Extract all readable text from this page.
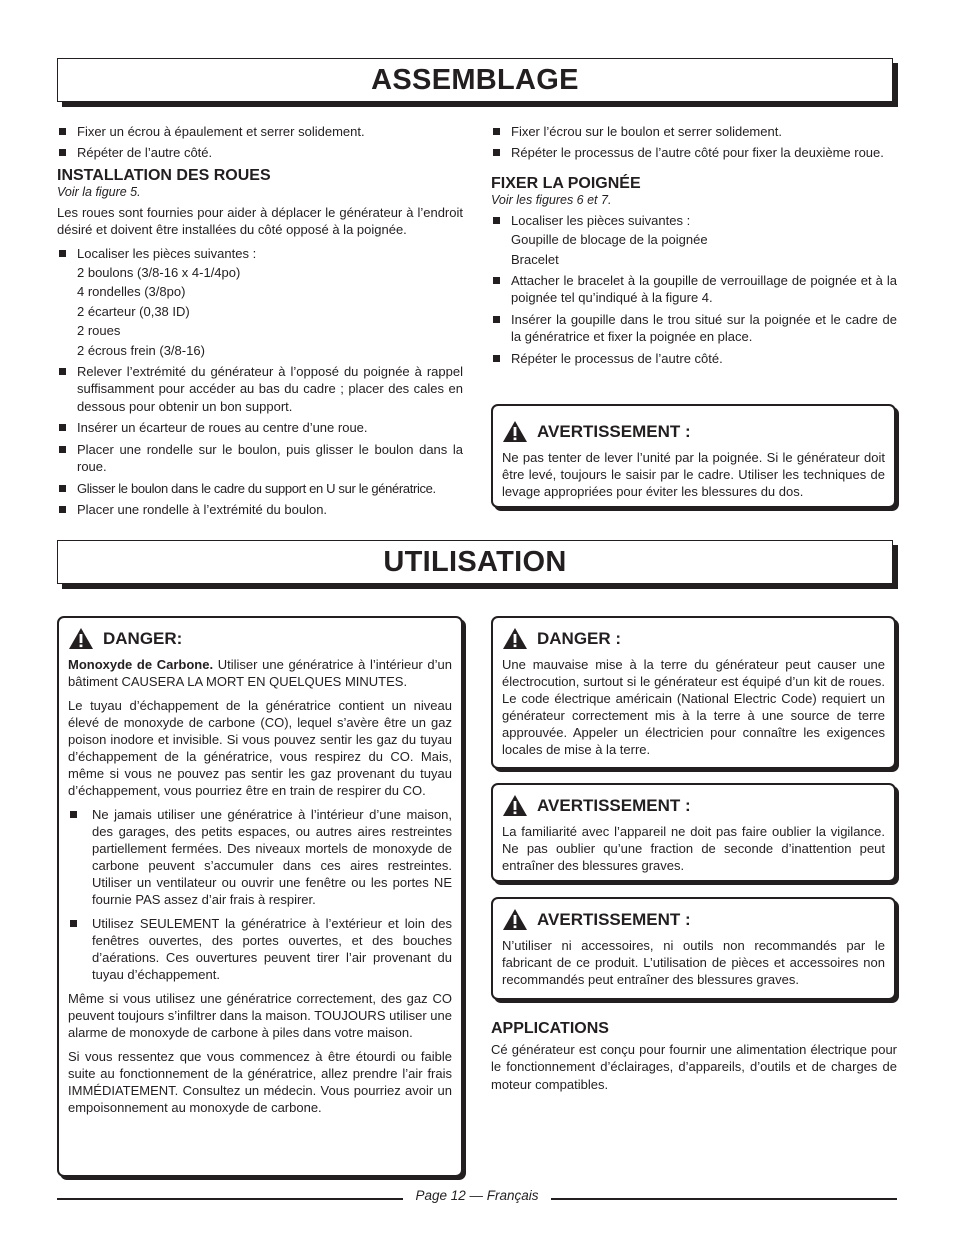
ASSEMBLAGE
Fixer un écrou à épaulement et serrer solidement.
Répéter de l’autre côté.
INSTALLATION DES ROUES
Voir la figure 5.

Les roues sont fournies pour aider à déplacer le générateur à l’endroit désiré et doivent être installées du côté opposé à la poignée.

Localiser les pièces suivantes :
2 boulons (3/8-16 x 4-1/4po)
4 rondelles (3/8po)
2 écarteur (0,38 ID)
2 roues
2 écrous frein (3/8-16)
Relever l’extrémité du générateur à l’opposé du poignée à rappel suffisamment pour accéder au bas du cadre ; placer des cales en dessous pour obtenir un bon support.
Insérer un écarteur de roues au centre d’une roue.
Placer une rondelle sur le boulon, puis glisser le boulon dans la roue.
Glisser le boulon dans le cadre du support en U sur le génératrice.
Placer une rondelle à l’extrémité du boulon.
Fixer l’écrou sur le boulon et serrer solidement.
Répéter le processus de l’autre côté pour fixer la deuxième roue.
FIXER LA POIGNÉE
Voir les figures 6 et 7.
Localiser les pièces suivantes :
Goupille de blocage de la poignée
Bracelet
Attacher le bracelet à la goupille de verrouillage de poignée et à la poignée tel qu’indiqué à la figure 4.
Insérer la goupille dans le trou situé sur la poignée et le cadre de la génératrice et fixer la poignée en place.
Répéter le processus de l’autre côté.
AVERTISSEMENT :

Ne pas tenter de lever l’unité par la poignée. Si le générateur doit être levé, toujours le saisir par le cadre. Utiliser les techniques de levage appropriées pour éviter les blessures du dos.

UTILISATION
DANGER:

Monoxyde de Carbone. Utiliser une génératrice à l’intérieur d’un bâtiment CAUSERA LA MORT EN QUELQUES MINUTES.

Le tuyau d’échappement de la génératrice contient un niveau élevé de monoxyde de carbone (CO), lequel s’avère être un gaz poison inodore et invisible. Si vous pouvez sentir les gaz du tuyau d’échappement de la génératrice, vous respirez du CO. Mais, même si vous ne pouvez pas sentir les gaz provenant du tuyau d’échappement, vous pourriez être en train de respirer du CO.

Ne jamais utiliser une génératrice à l’intérieur d’une maison, des garages, des petits espaces, ou autres aires restreintes partiellement fermées. Des niveaux mortels de monoxyde de carbone peuvent s’accumuler dans ces aires restreintes. Utiliser un ventilateur ou ouvrir une fenêtre ou les portes NE fournie PAS assez d’air frais à respirer.
Utilisez SEULEMENT la génératrice à l’extérieur et loin des fenêtres ouvertes, des portes ouvertes, et des bouches d’aérations. Ces ouvertures peuvent tirer l’air provenant du tuyau d’échappement.

Même si vous utilisez une génératrice correctement, des gaz CO peuvent toujours s’infiltrer dans la maison. TOUJOURS utiliser une alarme de monoxyde de carbone à piles dans votre maison.

Si vous ressentez que vous commencez à être étourdi ou faible suite au fonctionnement de la génératrice, allez prendre l’air frais IMMÉDIATEMENT. Consultez un médecin. Vous pourriez avoir un empoisonnement au monoxyde de carbone.

DANGER :

Une mauvaise mise à la terre du générateur peut causer une électrocution, surtout si le générateur est équipé d’un kit de roues. Le code électrique américain (National Electric Code) requiert un générateur correctement mis à la terre à une source de terre approuvée. Appeler un électricien pour connaître les exigences locales de mise à la terre.

AVERTISSEMENT :

La familiarité avec l’appareil ne doit pas faire oublier la vigilance. Ne pas oublier qu’une fraction de seconde d’inattention peut entraîner des blessures graves.

AVERTISSEMENT :

N’utiliser ni accessoires, ni outils non recommandés par le fabricant de ce produit. L’utilisation de pièces et accessoires non recommandés peut entraîner des blessures graves.

APPLICATIONS

Cé générateur est conçu pour fournir une alimentation électrique pour le fonctionnement d’éclairages, d’appareils, d’outils et de charges de moteur compatibles.

Page 12 — Français
